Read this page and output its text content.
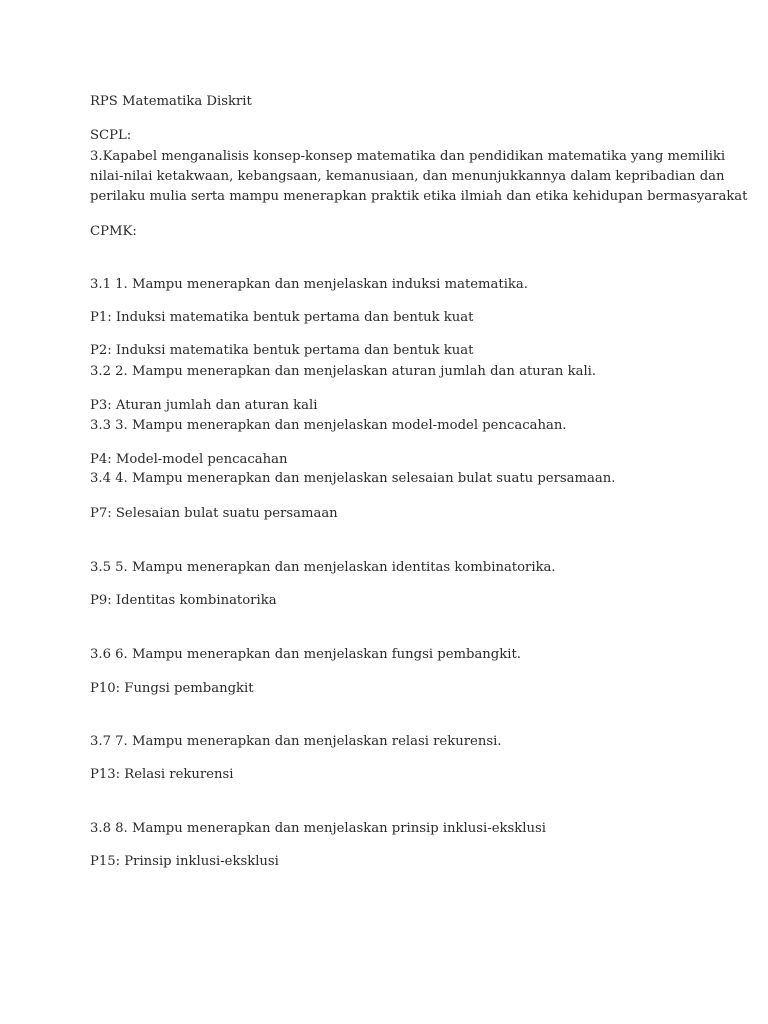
RPS Matematika Diskrit
SCPL:
3.Kapabel menganalisis konsep-konsep matematika dan pendidikan matematika yang memiliki
nilai-nilai ketakwaan, kebangsaan, kemanusiaan, dan menunjukkannya dalam kepribadian dan
perilaku mulia serta mampu menerapkan praktik etika ilmiah dan etika kehidupan bermasyarakat
CPMK:
3.1 1. Mampu menerapkan dan menjelaskan induksi matematika.
P1: Induksi matematika bentuk pertama dan bentuk kuat
P2: Induksi matematika bentuk pertama dan bentuk kuat
3.2 2. Mampu menerapkan dan menjelaskan aturan jumlah dan aturan kali.
P3: Aturan jumlah dan aturan kali
3.3 3. Mampu menerapkan dan menjelaskan model-model pencacahan.
P4: Model-model pencacahan
3.4 4. Mampu menerapkan dan menjelaskan selesaian bulat suatu persamaan.
P7: Selesaian bulat suatu persamaan
3.5 5. Mampu menerapkan dan menjelaskan identitas kombinatorika.
P9: Identitas kombinatorika
3.6 6. Mampu menerapkan dan menjelaskan fungsi pembangkit.
P10: Fungsi pembangkit
3.7 7. Mampu menerapkan dan menjelaskan relasi rekurensi.
P13: Relasi rekurensi
3.8 8. Mampu menerapkan dan menjelaskan prinsip inklusi-eksklusi
P15: Prinsip inklusi-eksklusi
